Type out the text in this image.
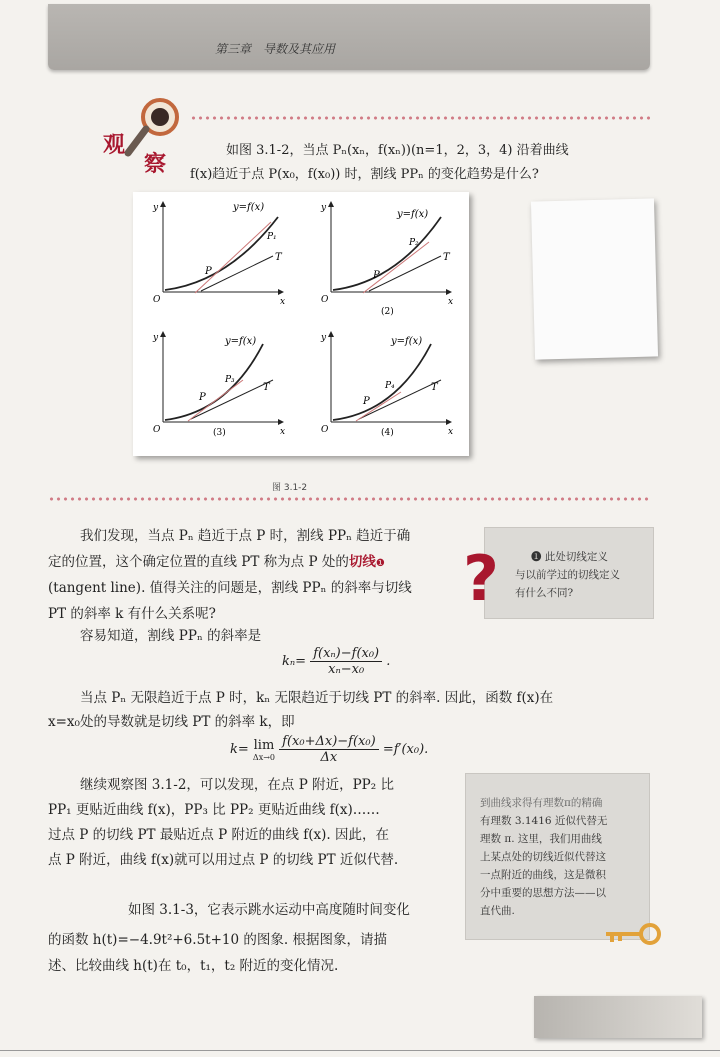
第三章　导数及其应用
观
察
如图 3.1-2，当点 Pₙ(xₙ，f(xₙ))(n=1，2，3，4) 沿着曲线
f(x)趋近于点 P(x₀，f(x₀)) 时，割线 PPₙ 的变化趋势是什么?
y=f(x)
P₁
P
T
O	x
y
y=f(x)
P₂
P
T
O	x
y
(2)
y=f(x)
P₃
P
T
O	x
y
(3)
y=f(x)
P₄
P
T
O	x
y
(4)
图 3.1-2
我们发现，当点 Pₙ 趋近于点 P 时，割线 PPₙ 趋近于确
定的位置，这个确定位置的直线 PT 称为点 P 处的切线❶
(tangent line). 值得关注的问题是，割线 PPₙ 的斜率与切线
PT 的斜率 k 有什么关系呢?	?	❶ 此处切线定义
与以前学过的切线定义
有什么不同?
容易知道，割线 PPₙ 的斜率是
$k_n= \frac{\text{f(xₙ)−f(x₀)}}{\text{xₙ−x₀}}$ .
当点 Pₙ 无限趋近于点 P 时，kₙ 无限趋近于切线 PT 的斜率. 因此，函数 f(x)在
x=x₀处的导数就是切线 PT 的斜率 k，即
k= lim
Δx→0
$\frac{\text{f(x₀+Δx)−f(x₀)}}{\Delta x} =f'(x_0)$.
继续观察图 3.1-2，可以发现，在点 P 附近，PP₂ 比
PP₁ 更贴近曲线 f(x)，PP₃ 比 PP₂ 更贴近曲线 f(x)……
过点 P 的切线 PT 最贴近点 P 附近的曲线 f(x). 因此，在
点 P 附近，曲线 f(x)就可以用过点 P 的切线 PT 近似代替.
到曲线求得有理数π的精确
有理数 3.1416 近似代替无
理数 π. 这里，我们用曲线
上某点处的切线近似代替这
一点附近的曲线，这是微积
分中重要的思想方法——以
直代曲.
如图 3.1-3，它表示跳水运动中高度随时间变化
的函数 h(t)=−4.9t²+6.5t+10 的图象. 根据图象，请描
述、比较曲线 h(t)在 t₀，t₁，t₂ 附近的变化情况.
